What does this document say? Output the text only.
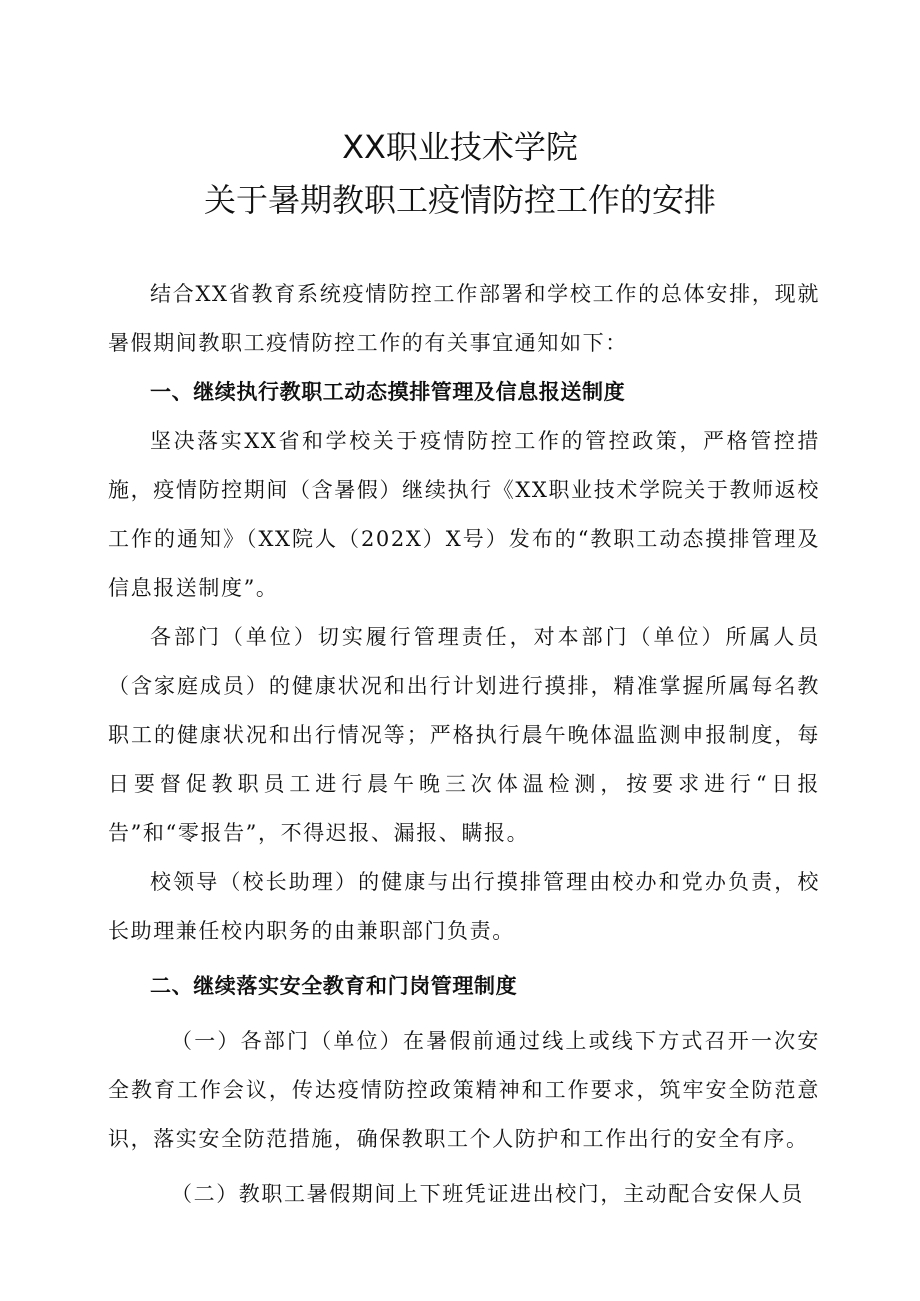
XX职业技术学院
关于暑期教职工疫情防控工作的安排

结合XX省教育系统疫情防控工作部署和学校工作的总体安排，现就暑假期间教职工疫情防控工作的有关事宜通知如下：

一、继续执行教职工动态摸排管理及信息报送制度

坚决落实XX省和学校关于疫情防控工作的管控政策，严格管控措施，疫情防控期间（含暑假）继续执行《XX职业技术学院关于教师返校工作的通知》（XX院人（202X）X号）发布的“教职工动态摸排管理及信息报送制度”。

各部门（单位）切实履行管理责任，对本部门（单位）所属人员（含家庭成员）的健康状况和出行计划进行摸排，精准掌握所属每名教职工的健康状况和出行情况等；严格执行晨午晚体温监测申报制度，每日要督促教职员工进行晨午晚三次体温检测，按要求进行“日报告”和“零报告”，不得迟报、漏报、瞒报。

校领导（校长助理）的健康与出行摸排管理由校办和党办负责，校长助理兼任校内职务的由兼职部门负责。

二、继续落实安全教育和门岗管理制度

（一）各部门（单位）在暑假前通过线上或线下方式召开一次安全教育工作会议，传达疫情防控政策精神和工作要求，筑牢安全防范意识，落实安全防范措施，确保教职工个人防护和工作出行的安全有序。

（二）教职工暑假期间上下班凭证进出校门，主动配合安保人员
